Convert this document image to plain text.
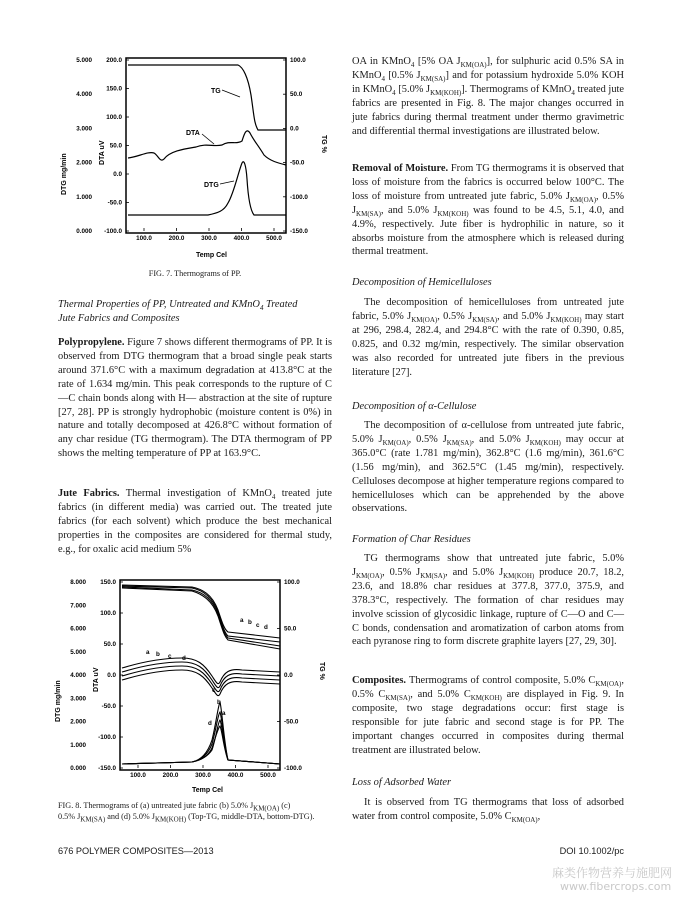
5.000
4.000
3.000
2.000
1.000
0.000
200.0
150.0
100.0
50.0
0.0
-50.0
-100.0
100.0
50.0
0.0
-50.0
-100.0
-150.0
100.0	200.0	300.0	400.0	500.0
DTG mg/min
DTA uV	TG %
Temp Cel
TG
DTA
DTG
FIG. 7. Thermograms of PP.

Thermal Properties of PP, Untreated and KMnO$_4$ Treated
Jute Fabrics and Composites

Polypropylene. Figure 7 shows different thermograms of PP. It is observed from DTG thermogram that a broad single peak starts around 371.6°C with a maximum degradation at 413.8°C at the rate of 1.634 mg/min. This peak corresponds to the rupture of C—C chain bonds along with H— abstraction at the site of rupture [27, 28]. PP is strongly hydrophobic (moisture content is 0%) in nature and totally decomposed at 426.8°C without formation of any char residue (TG thermogram). The DTA thermogram of PP shows the melting temperature of PP at 163.9°C.

Jute Fabrics. Thermal investigation of KMnO$_4$ treated jute fabrics (in different media) was carried out. The treated jute fabrics (for each solvent) which produce the best mechanical properties in the composites are considered for thermal study, e.g., for oxalic acid medium 5%

8.000
7.000
6.000
5.000
4.000
3.000
2.000
1.000
0.000
150.0
100.0
50.0
0.0
-50.0
-100.0
-150.0
100.0
50.0
0.0
-50.0
-100.0
100.0	200.0	300.0	400.0	500.0
DTG mg/min
DTA uV	TG %
Temp Cel
a
a
a
b
b
b
c
c
c
d
d
d
FIG. 8. Thermograms of (a) untreated jute fabric (b) 5.0% $J_{KM(OA)}$ (c)
0.5% $J_{KM(SA)}$ and (d) 5.0% $J_{KM(KOH)}$ (Top-TG, middle-DTA, bottom-DTG).

OA in KMnO$_4$ [5% OA $J_{KM(OA)}$], for sulphuric acid 0.5% SA in KMnO$_4$ [0.5% $J_{KM(SA)}$] and for potassium hydroxide 5.0% KOH in KMnO$_4$ [5.0% $J_{KM(KOH)}$]. Thermograms of KMnO$_4$ treated jute fabrics are presented in Fig. 8. The major changes occurred in jute fabrics during thermal treatment under thermo gravimetric and differential thermal investigations are illustrated below.

Removal of Moisture. From TG thermograms it is observed that loss of moisture from the fabrics is occurred below 100°C. The loss of moisture from untreated jute fabric, 5.0% $J_{KM(OA)}$, 0.5% $J_{KM(SA)}$, and 5.0% $J_{KM(KOH)}$ was found to be 4.5, 5.1, 4.0, and 4.9%, respectively. Jute fiber is hydrophilic in nature, so it absorbs moisture from the atmosphere which is released during thermal treatment.

Decomposition of Hemicelluloses

The decomposition of hemicelluloses from untreated jute fabric, 5.0% $J_{KM(OA)}$, 0.5% $J_{KM(SA)}$, and 5.0% $J_{KM(KOH)}$ may start at 296, 298.4, 282.4, and 294.8°C with the rate of 0.390, 0.85, 0.825, and 0.32 mg/min, respectively. The similar observation was also recorded for untreated jute fibers in the previous literature [27].

Decomposition of α-Cellulose

The decomposition of α-cellulose from untreated jute fabric, 5.0% $J_{KM(OA)}$, 0.5% $J_{KM(SA)}$, and 5.0% $J_{KM(KOH)}$ may occur at 365.0°C (rate 1.781 mg/min), 362.8°C (1.6 mg/min), 361.6°C (1.56 mg/min), and 362.5°C (1.45 mg/min), respectively. Celluloses decompose at higher temperature regions compared to hemicelluloses which can be apprehended by the above observations.

Formation of Char Residues

TG thermograms show that untreated jute fabric, 5.0% $J_{KM(OA)}$, 0.5% $J_{KM(SA)}$, and 5.0% $J_{KM(KOH)}$ produce 20.7, 18.2, 23.6, and 18.8% char residues at 377.8, 377.0, 375.9, and 378.3°C, respectively. The formation of char residues may involve scission of glycosidic linkage, rupture of C—O and C—C bonds, condensation and aromatization of carbon atoms from each pyranose ring to form discrete graphite layers [27, 29, 30].

Composites. Thermograms of control composite, 5.0% $C_{KM(OA)}$, 0.5% $C_{KM(SA)}$, and 5.0% $C_{KM(KOH)}$ are displayed in Fig. 9. In composite, two stage degradations occur: first stage is responsible for jute fabric and second stage is for PP. The important changes occurred in composites during thermal treatment are illustrated below.

Loss of Adsorbed Water

It is observed from TG thermograms that loss of adsorbed water from control composite, 5.0% $C_{KM(OA)}$,

676 POLYMER COMPOSITES—2013	DOI 10.1002/pc
麻类作物营养与施肥网
www.fibercrops.com
